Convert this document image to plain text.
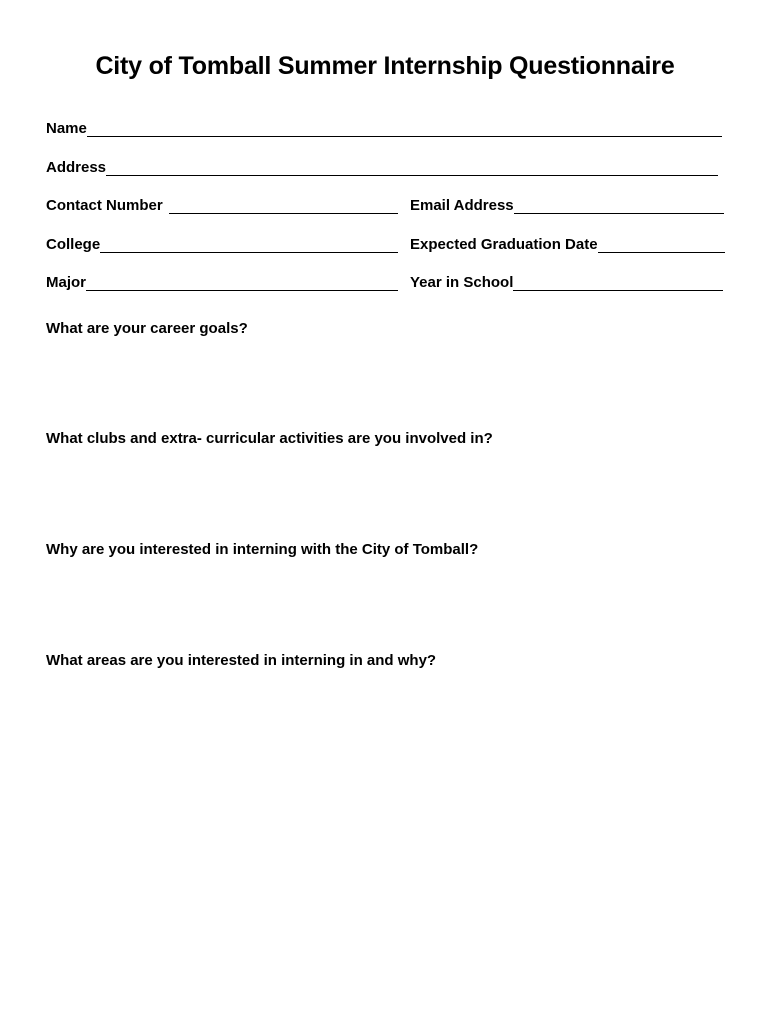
City of Tomball Summer Internship Questionnaire
Name
Address
Contact Number	Email Address
College	Expected Graduation Date
Major	Year in School
What are your career goals?
What clubs and extra- curricular activities are you involved in?
Why are you interested in interning with the City of Tomball?
What areas are you interested in interning in and why?
